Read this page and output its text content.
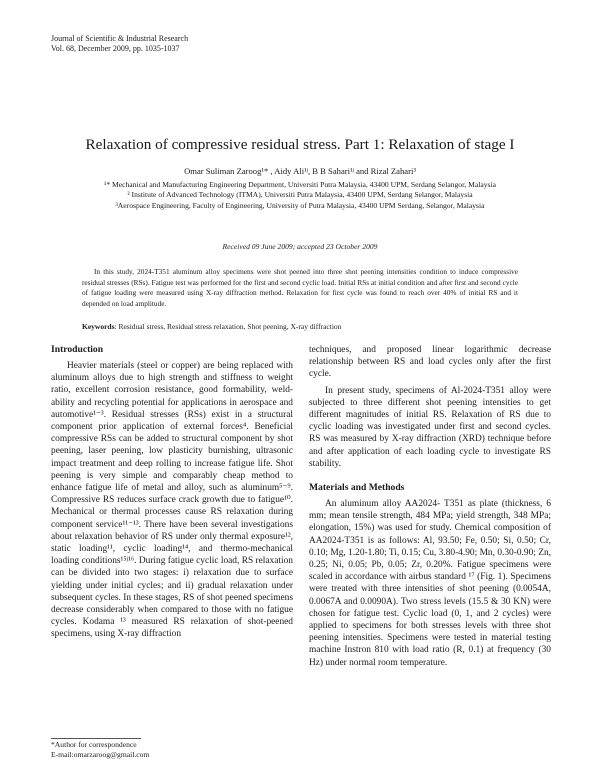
Journal of Scientific & Industrial Research
Vol. 68, December 2009, pp. 1035-1037
Relaxation of compressive residual stress. Part 1: Relaxation of stage I
Omar Suliman Zaroog¹* , Aidy Ali¹ʲ, B B Sahari¹ʲ and Rizal Zahari³

¹* Mechanical and Manufacturing Engineering Department, Universiti Putra Malaysia, 43400 UPM, Serdang Selangor, Malaysia

² Institute of Advanced Technology (ITMA), Universiti Putra Malaysia, 43400 UPM, Serdang Selangor, Malaysia

³Aerospace Engineering, Faculty of Engineering, University of Putra Malaysia, 43400 UPM Serdang, Selangor, Malaysia

Received 09 June 2009; accepted 23 October 2009

In this study, 2024-T351 aluminum alloy specimens were shot peened into three shot peening intensities condition to induce compressive residual stresses (RSs). Fatigue test was performed for the first and second cyclic load. Initial RSs at initial condition and after first and second cycle of fatigue loading were measured using X-ray diffraction method. Relaxation for first cycle was found to reach over 40% of initial RS and it depended on load amplitude.

Keywords: Residual stress, Residual stress relaxation, Shot peening, X-ray diffraction
Introduction

Heavier materials (steel or copper) are being replaced with aluminum alloys due to high strength and stiffness to weight ratio, excellent corrosion resistance, good formability, weld-ability and recycling potential for applications in aerospace and automotive¹⁻³. Residual stresses (RSs) exist in a structural component prior application of external forces⁴. Beneficial compressive RSs can be added to structural component by shot peening, laser peening, low plasticity burnishing, ultrasonic impact treatment and deep rolling to increase fatigue life. Shot peening is very simple and comparably cheap method to enhance fatigue life of metal and alloy, such as aluminum⁵⁻⁹. Compressive RS reduces surface crack growth due to fatigue¹⁰. Mechanical or thermal processes cause RS relaxation during component service¹¹⁻¹³. There have been several investigations about relaxation behavior of RS under only thermal exposure¹², static loading¹¹, cyclic loading¹⁴, and thermo-mechanical loading conditions¹⁵ʲ¹⁶. During fatigue cyclic load, RS relaxation can be divided into two stages: i) relaxation due to surface yielding under initial cycles; and ii) gradual relaxation under subsequent cycles. In these stages, RS of shot peened specimens decrease considerably when compared to those with no fatigue cycles. Kodama ¹³ measured RS relaxation of shot-peened specimens, using X-ray diffraction

techniques, and proposed linear logarithmic decrease relationship between RS and load cycles only after the first cycle.

In present study, specimens of Al-2024-T351 alloy were subjected to three different shot peening intensities to get different magnitudes of initial RS. Relaxation of RS due to cyclic loading was investigated under first and second cycles. RS was measured by X-ray diffraction (XRD) technique before and after application of each loading cycle to investigate RS stability.

Materials and Methods

An aluminum alloy AA2024- T351 as plate (thickness, 6 mm; mean tensile strength, 484 MPa; yield strength, 348 MPa; elongation, 15%) was used for study. Chemical composition of AA2024-T351 is as follows: Al, 93.50; Fe, 0.50; Si, 0.50; Cr, 0.10; Mg, 1.20-1.80; Ti, 0.15; Cu, 3.80-4.90; Mn, 0.30-0.90; Zn, 0.25; Ni, 0.05; Pb, 0.05; Zr, 0.20%. Fatigue specimens were scaled in accordance with airbus standard ¹⁷ (Fig. 1). Specimens were treated with three intensities of shot peening (0.0054A, 0.0067A and 0.0090A). Two stress levels (15.5 & 30 KN) were chosen for fatigue test. Cyclic load (0, 1, and 2 cycles) were applied to specimens for both stresses levels with three shot peening intensities. Specimens were tested in material testing machine Instron 810 with load ratio (R, 0.1) at frequency (30 Hz) under normal room temperature.

*Author for correspondence
E-mail:omarzaroog@gmail.com
